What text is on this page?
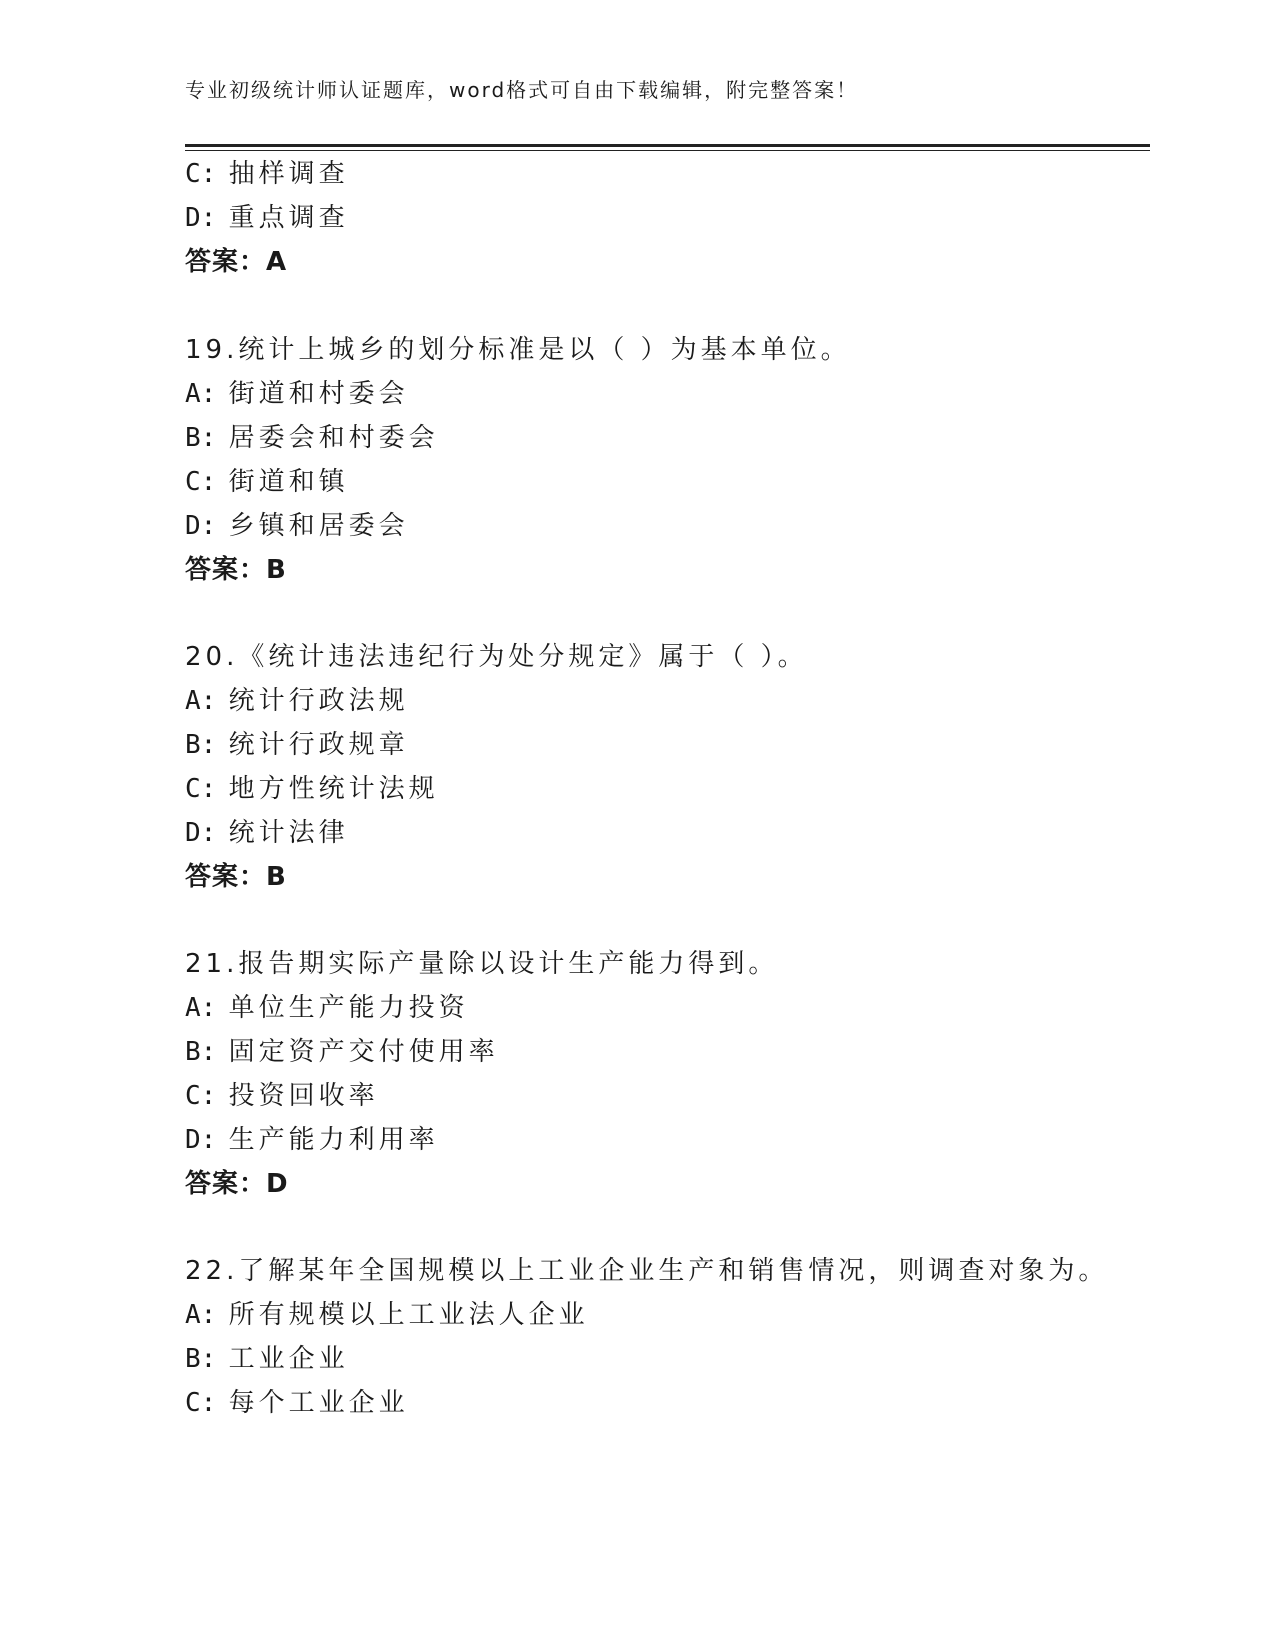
专业初级统计师认证题库，word格式可自由下载编辑，附完整答案！
C: 抽样调查
D: 重点调查
答案：A
19.统计上城乡的划分标准是以（ ）为基本单位。
A: 街道和村委会
B: 居委会和村委会
C: 街道和镇
D: 乡镇和居委会
答案：B
20.《统计违法违纪行为处分规定》属于（ ）。
A: 统计行政法规
B: 统计行政规章
C: 地方性统计法规
D: 统计法律
答案：B
21.报告期实际产量除以设计生产能力得到。
A: 单位生产能力投资
B: 固定资产交付使用率
C: 投资回收率
D: 生产能力利用率
答案：D
22.了解某年全国规模以上工业企业生产和销售情况，则调查对象为。
A: 所有规模以上工业法人企业
B: 工业企业
C: 每个工业企业
